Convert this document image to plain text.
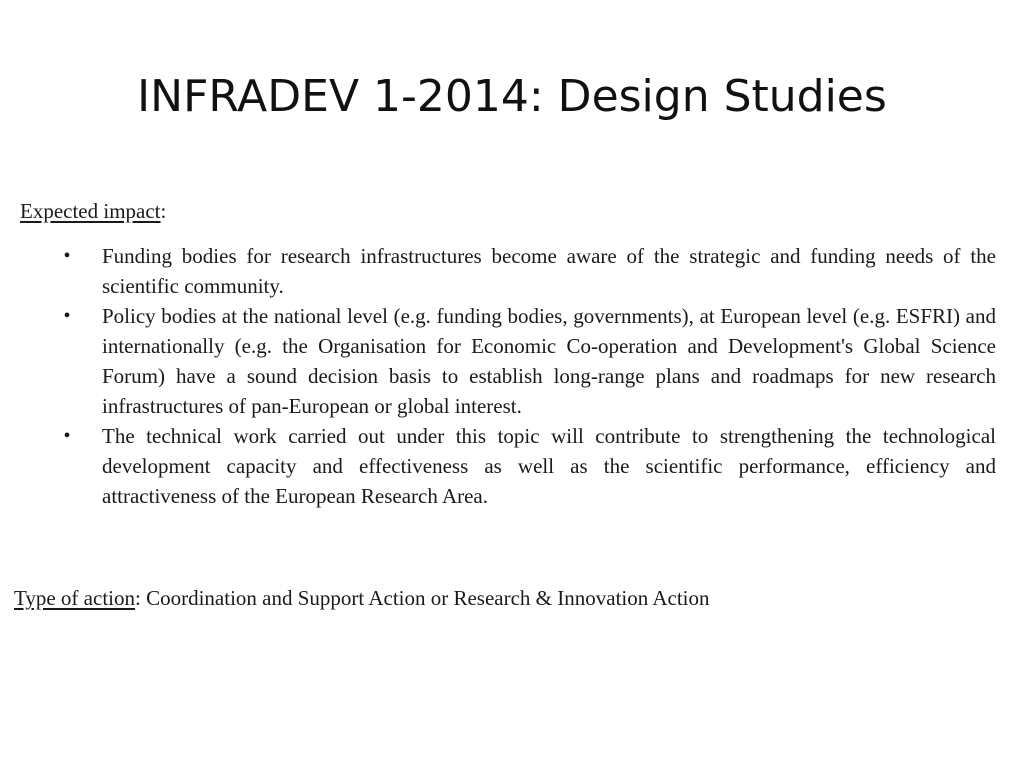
INFRADEV 1-2014: Design Studies
Expected impact:
• Funding bodies for research infrastructures become aware of the strategic and funding needs of the scientific community.
• Policy bodies at the national level (e.g. funding bodies, governments), at European level (e.g. ESFRI) and internationally (e.g. the Organisation for Economic Co-operation and Development's Global Science Forum) have a sound decision basis to establish long-range plans and roadmaps for new research infrastructures of pan-European or global interest.
• The technical work carried out under this topic will contribute to strengthening the technological development capacity and effectiveness as well as the scientific performance, efficiency and attractiveness of the European Research Area.
Type of action: Coordination and Support Action or Research & Innovation Action
